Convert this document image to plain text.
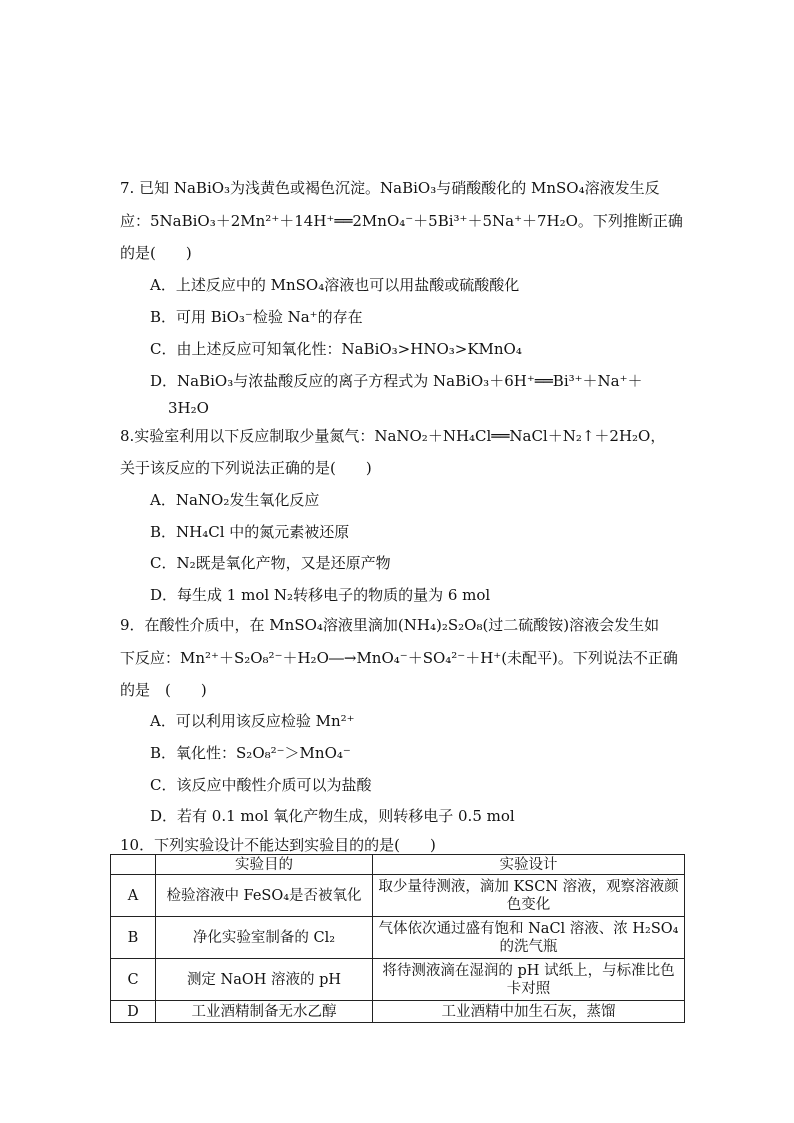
7. 已知 NaBiO₃为浅黄色或褐色沉淀。NaBiO₃与硝酸酸化的 MnSO₄溶液发生反
应：5NaBiO₃＋2Mn²⁺＋14H⁺══2MnO₄⁻＋5Bi³⁺＋5Na⁺＋7H₂O。下列推断正确
的是(　　)
A．上述反应中的 MnSO₄溶液也可以用盐酸或硫酸酸化
B．可用 BiO₃⁻检验 Na⁺的存在
C．由上述反应可知氧化性：NaBiO₃>HNO₃>KMnO₄
D．NaBiO₃与浓盐酸反应的离子方程式为 NaBiO₃＋6H⁺══Bi³⁺＋Na⁺＋
3H₂O
8.实验室利用以下反应制取少量氮气：NaNO₂＋NH₄Cl══NaCl＋N₂↑＋2H₂O，
关于该反应的下列说法正确的是(　　)
A．NaNO₂发生氧化反应
B．NH₄Cl 中的氮元素被还原
C．N₂既是氧化产物，又是还原产物
D．每生成 1 mol N₂转移电子的物质的量为 6 mol
9．在酸性介质中，在 MnSO₄溶液里滴加(NH₄)₂S₂O₈(过二硫酸铵)溶液会发生如
下反应：Mn²⁺＋S₂O₈²⁻＋H₂O―→MnO₄⁻＋SO₄²⁻＋H⁺(未配平)。下列说法不正确
的是　(　　)
A．可以利用该反应检验 Mn²⁺
B．氧化性：S₂O₈²⁻＞MnO₄⁻
C．该反应中酸性介质可以为盐酸
D．若有 0.1 mol 氧化产物生成，则转移电子 0.5 mol
10．下列实验设计不能达到实验目的的是(　　)
	实验目的	实验设计
A	检验溶液中 FeSO₄是否被氧化	取少量待测液，滴加 KSCN 溶液，观察溶液颜色变化
B	净化实验室制备的 Cl₂	气体依次通过盛有饱和 NaCl 溶液、浓 H₂SO₄的洗气瓶
C	测定 NaOH 溶液的 pH	将待测液滴在湿润的 pH 试纸上，与标准比色卡对照
D	工业酒精制备无水乙醇	工业酒精中加生石灰，蒸馏
